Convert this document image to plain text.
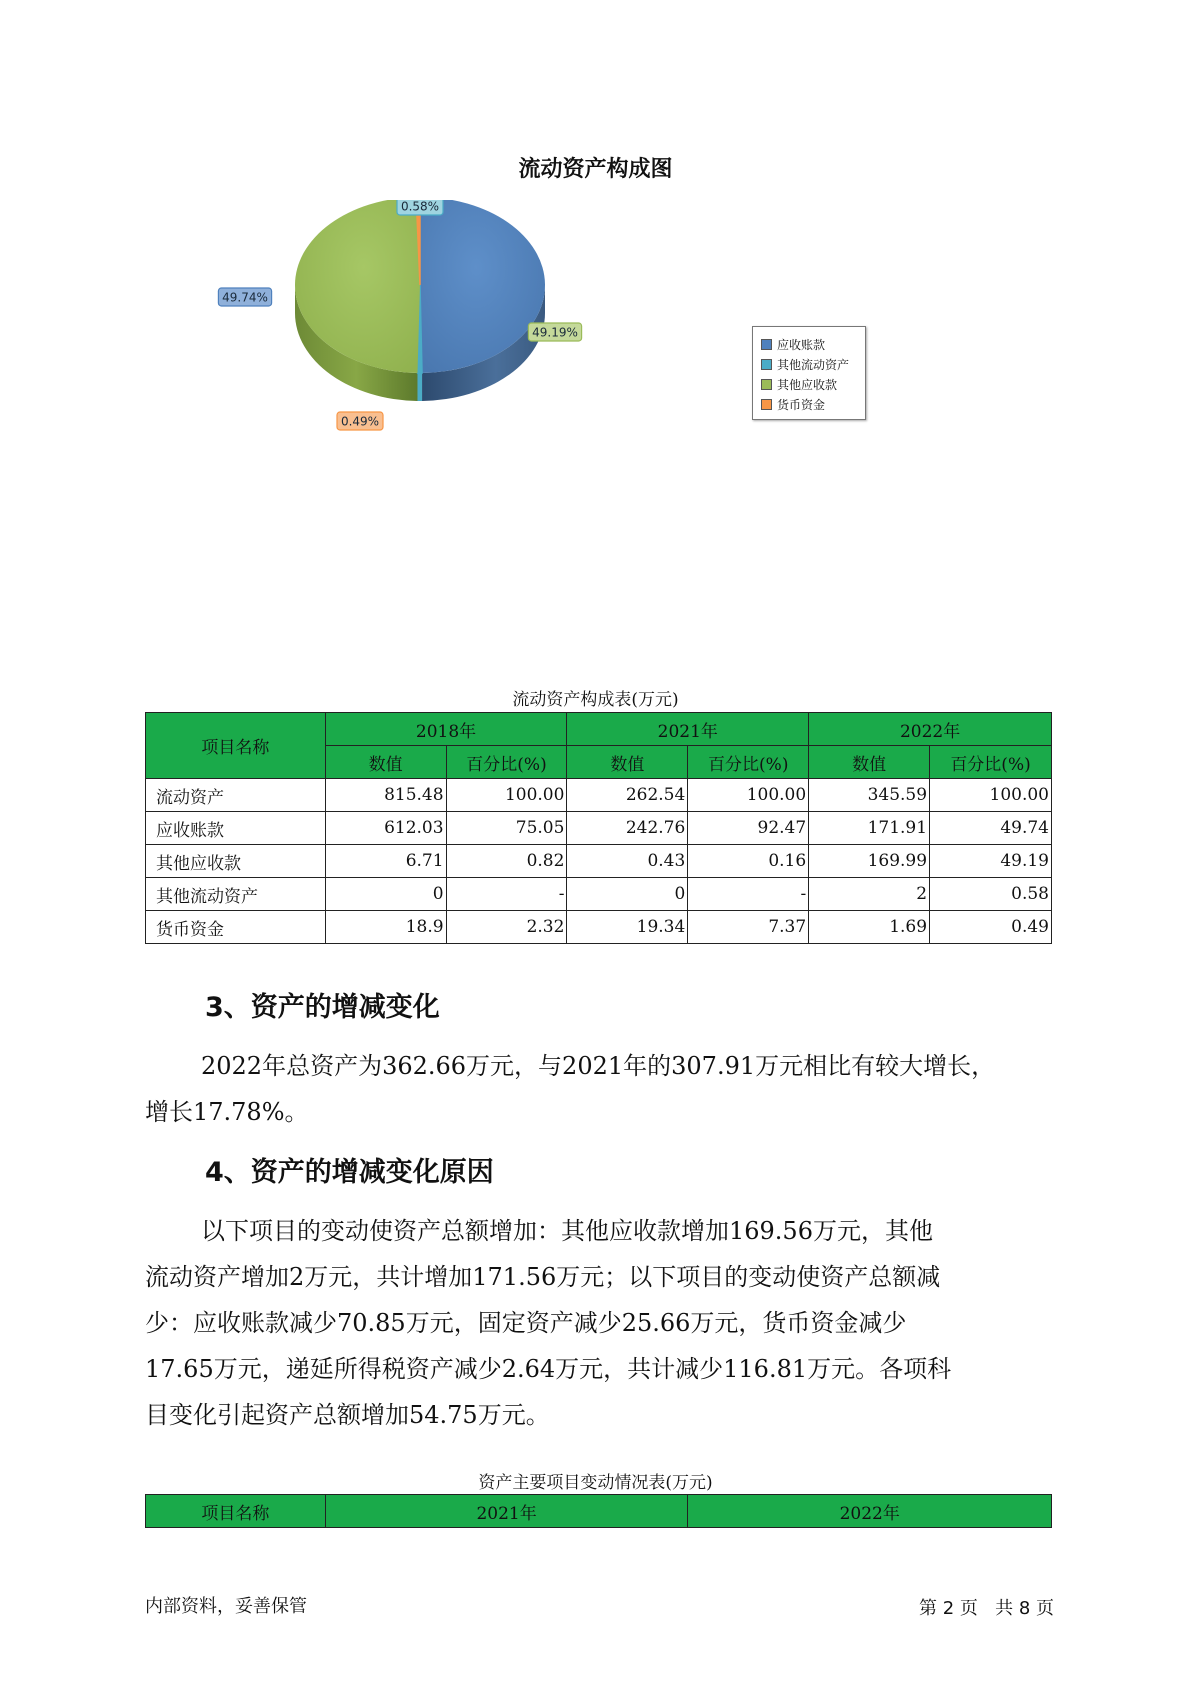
流动资产构成图
49.74%
0.58%
49.19%
0.49%
应收账款
其他流动资产
其他应收款
货币资金
流动资产构成表(万元)
项目名称	2018年		2021年		2022年	
	数值	百分比(%)	数值	百分比(%)	数值	百分比(%)
流动资产	815.48	100.00	262.54	100.00	345.59	100.00
应收账款	612.03	75.05	242.76	92.47	171.91	49.74
其他应收款	6.71	0.82	0.43	0.16	169.99	49.19
其他流动资产	0	-	0	-	2	0.58
货币资金	18.9	2.32	19.34	7.37	1.69	0.49
3、资产的增减变化
2022年总资产为362.66万元，与2021年的307.91万元相比有较大增长，
增长17.78%。
4、资产的增减变化原因
以下项目的变动使资产总额增加：其他应收款增加169.56万元，其他
流动资产增加2万元，共计增加171.56万元；以下项目的变动使资产总额减
少：应收账款减少70.85万元，固定资产减少25.66万元，货币资金减少
17.65万元，递延所得税资产减少2.64万元，共计减少116.81万元。各项科
目变化引起资产总额增加54.75万元。
资产主要项目变动情况表(万元)
项目名称	2021年	2022年
内部资料，妥善保管	第 2 页   共 8 页
